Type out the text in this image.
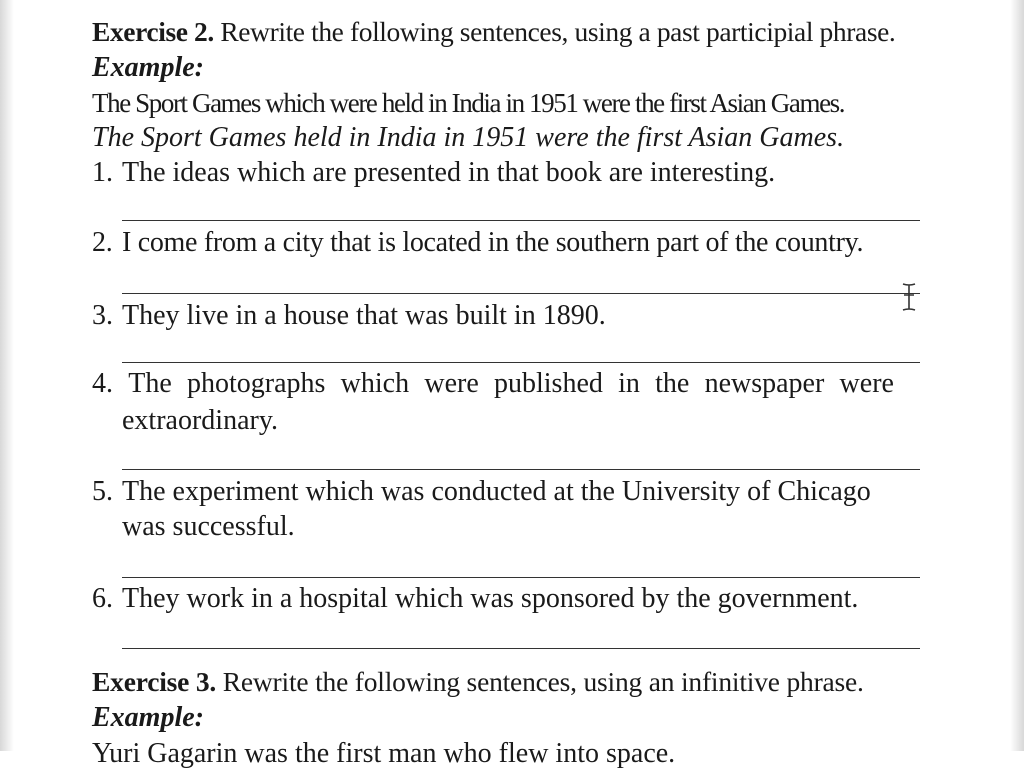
Exercise 2. Rewrite the following sentences, using a past participial phrase.
Example:
The Sport Games which were held in India in 1951 were the first Asian Games.
The Sport Games held in India in 1951 were the first Asian Games.
1. The ideas which are presented in that book are interesting.
2. I come from a city that is located in the southern part of the country.
3. They live in a house that was built in 1890.
4. The photographs which were published in the newspaper were
extraordinary.
5. The experiment which was conducted at the University of Chicago
was successful.
6. They work in a hospital which was sponsored by the government.
Exercise 3. Rewrite the following sentences, using an infinitive phrase.
Example:
Yuri Gagarin was the first man who flew into space.
